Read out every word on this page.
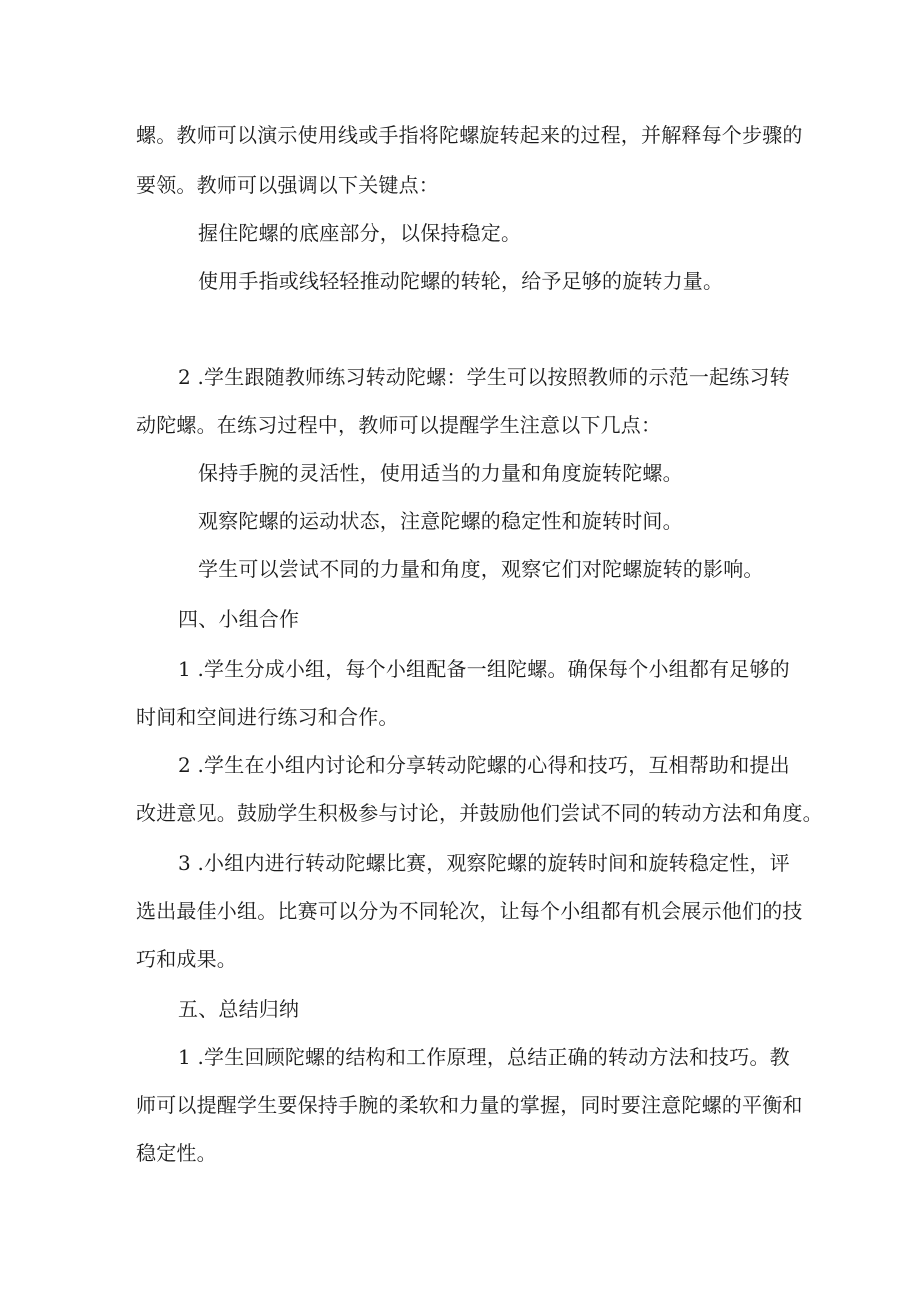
螺。教师可以演示使用线或手指将陀螺旋转起来的过程，并解释每个步骤的
要领。教师可以强调以下关键点：
握住陀螺的底座部分，以保持稳定。
使用手指或线轻轻推动陀螺的转轮，给予足够的旋转力量。
2 .学生跟随教师练习转动陀螺：学生可以按照教师的示范一起练习转
动陀螺。在练习过程中，教师可以提醒学生注意以下几点：
保持手腕的灵活性，使用适当的力量和角度旋转陀螺。
观察陀螺的运动状态，注意陀螺的稳定性和旋转时间。
学生可以尝试不同的力量和角度，观察它们对陀螺旋转的影响。
四、小组合作
1 .学生分成小组，每个小组配备一组陀螺。确保每个小组都有足够的
时间和空间进行练习和合作。
2 .学生在小组内讨论和分享转动陀螺的心得和技巧，互相帮助和提出
改进意见。鼓励学生积极参与讨论，并鼓励他们尝试不同的转动方法和角度。
3 .小组内进行转动陀螺比赛，观察陀螺的旋转时间和旋转稳定性，评
选出最佳小组。比赛可以分为不同轮次，让每个小组都有机会展示他们的技
巧和成果。
五、总结归纳
1 .学生回顾陀螺的结构和工作原理，总结正确的转动方法和技巧。教
师可以提醒学生要保持手腕的柔软和力量的掌握，同时要注意陀螺的平衡和
稳定性。
